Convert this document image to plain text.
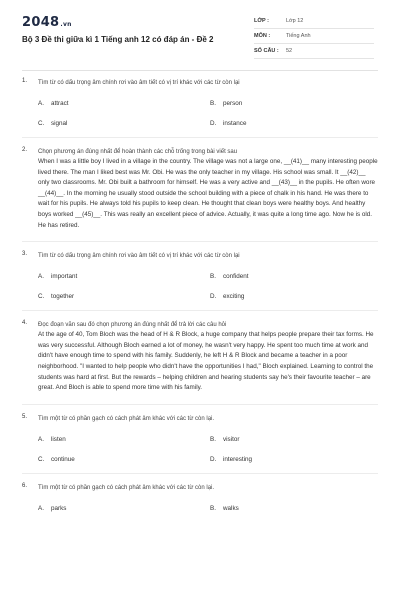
2048.vn
Bộ 3 Đề thi giữa kì 1 Tiếng anh 12 có đáp án - Đề 2
LỚP :	Lớp 12
MÔN :	Tiếng Anh
SỐ CÂU :	52
1. Tìm từ có dấu trọng âm chính rơi vào âm tiết có vị trí khác với các từ còn lại
A.	attract	B.	person
C.	signal	D.	instance
2. Chọn phương án đúng nhất để hoàn thành các chỗ trống trong bài viết sau
When I was a little boy I lived in a village in the country. The village was not a large one, __(41)__ many interesting people lived there. The man I liked best was Mr. Obi. He was the only teacher in my village. His school was small. It __(42)__ only two classrooms. Mr. Obi built a bathroom for himself. He was a very active and __(43)__ in the pupils. He often wore __(44)__. In the morning he usually stood outside the school building with a piece of chalk in his hand. He was there to wait for his pupils. He always told his pupils to keep clean. He thought that clean boys were healthy boys. And healthy boys worked __(45)__. This was really an excellent piece of advice. Actually, it was quite a long time ago. Now he is old. He has retired.
3. Tìm từ có dấu trọng âm chính rơi vào âm tiết có vị trí khác với các từ còn lại
A.	important	B.	confident
C.	together	D.	exciting
4. Đọc đoạn văn sau đó chọn phương án đúng nhất để trả lời các câu hỏi
At the age of 40, Tom Bloch was the head of H & R Block, a huge company that helps people prepare their tax forms. He was very successful. Although Bloch earned a lot of money, he wasn't very happy. He spent too much time at work and didn't have enough time to spend with his family. Suddenly, he left H & R Block and became a teacher in a poor neighborhood. "I wanted to help people who didn't have the opportunities I had," Bloch explained. Learning to control the students was hard at first. But the rewards – helping children and hearing students say he's their favourite teacher – are great. And Bloch is able to spend more time with his family.
5. Tìm một từ có phần gạch có cách phát âm khác với các từ còn lại.
A.	listen	B.	visitor
C.	continue	D.	interesting
6. Tìm một từ có phần gạch có cách phát âm khác với các từ còn lại.
A.	parks	B.	walks
